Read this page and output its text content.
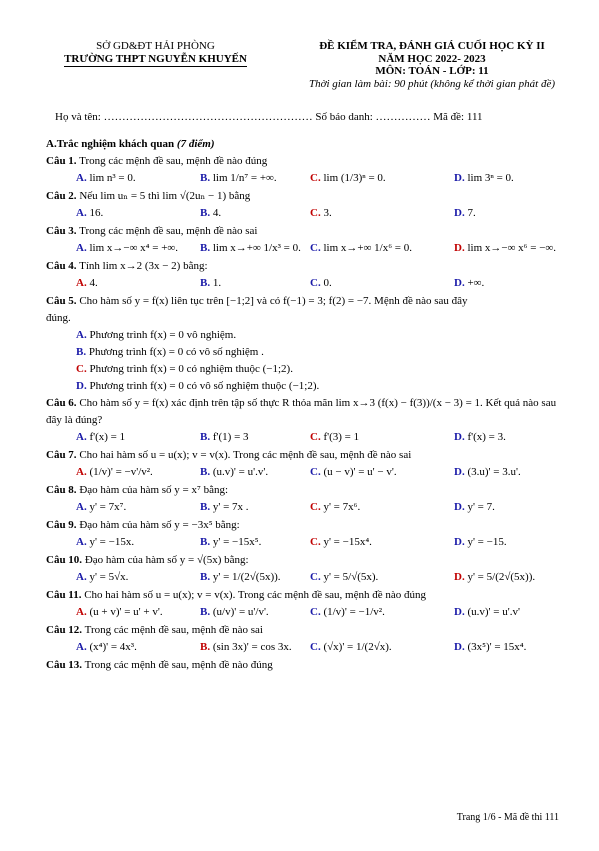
SỞ GD&ĐT HẢI PHÒNG
TRƯỜNG THPT NGUYỄN KHUYẾN
ĐỀ KIỂM TRA, ĐÁNH GIÁ CUỐI HỌC KỲ II
NĂM HỌC 2022- 2023
MÔN: TOÁN - LỚP: 11
Thời gian làm bài: 90 phút (không kể thời gian phát đề)
Họ và tên: ………………………………………………… Số báo danh: …………… Mã đề: 111
A.Trắc nghiệm khách quan (7 điểm)
Câu 1. Trong các mệnh đề sau, mệnh đề nào đúng
A. lim n³ = 0.	B. lim 1/n⁷ = +∞.	C. lim (1/3)ⁿ = 0.	D. lim 3ⁿ = 0.
Câu 2. Nếu lim uₙ = 5 thì lim √(2uₙ − 1) bằng
A. 16.	B. 4.	C. 3.	D. 7.
Câu 3. Trong các mệnh đề sau, mệnh đề nào sai
A. lim x→−∞ x⁴ = +∞. B. lim x→+∞ 1/x³ = 0. C. lim x→+∞ 1/x⁶ = 0.	D. lim x→−∞ x⁶ = −∞.
Câu 4. Tính lim x→2 (3x − 2) bằng:
A. 4.	B. 1.	C. 0.	D. +∞.
Câu 5. Cho hàm số y = f(x) liên tục trên [−1;2] và có f(−1) = 3; f(2) = −7. Mệnh đề nào sau đây
đúng.
A. Phương trình f(x) = 0 vô nghiệm.
B. Phương trình f(x) = 0 có vô số nghiệm .
C. Phương trình f(x) = 0 có nghiệm thuộc (−1;2).
D. Phương trình f(x) = 0 có vô số nghiệm thuộc (−1;2).
Câu 6. Cho hàm số y = f(x) xác định trên tập số thực R thỏa mãn lim x→3 (f(x) − f(3))/(x − 3) = 1. Kết quả nào sau
đây là đúng?
A. f'(x) = 1	B. f'(1) = 3	C. f'(3) = 1	D. f'(x) = 3.
Câu 7. Cho hai hàm số u = u(x); v = v(x). Trong các mệnh đề sau, mệnh đề nào sai
A. (1/v)' = −v'/v².	B. (u.v)' = u'.v'.	C. (u − v)' = u' − v'.	D. (3.u)' = 3.u'.
Câu 8. Đạo hàm của hàm số y = x⁷ bằng:
A. y' = 7x⁷.	B. y' = 7x .	C. y' = 7x⁶.	D. y' = 7.
Câu 9. Đạo hàm của hàm số y = −3x⁵ bằng:
A. y' = −15x.	B. y' = −15x⁵.	C. y' = −15x⁴.	D. y' = −15.
Câu 10. Đạo hàm của hàm số y = √(5x) bằng:
A. y' = 5√x.	B. y' = 1/(2√(5x)).	C. y' = 5/√(5x).	D. y' = 5/(2√(5x)).
Câu 11. Cho hai hàm số u = u(x); v = v(x). Trong các mệnh đề sau, mệnh đề nào đúng
A. (u + v)' = u' + v'.	B. (u/v)' = u'/v'.	C. (1/v)' = −1/v².	D. (u.v)' = u'.v'
Câu 12. Trong các mệnh đề sau, mệnh đề nào sai
A. (x⁴)' = 4x³.	B. (sin 3x)' = cos 3x. C. (√x)' = 1/(2√x).	D. (3x⁵)' = 15x⁴.
Câu 13. Trong các mệnh đề sau, mệnh đề nào đúng
Trang 1/6 - Mã đề thi 111
